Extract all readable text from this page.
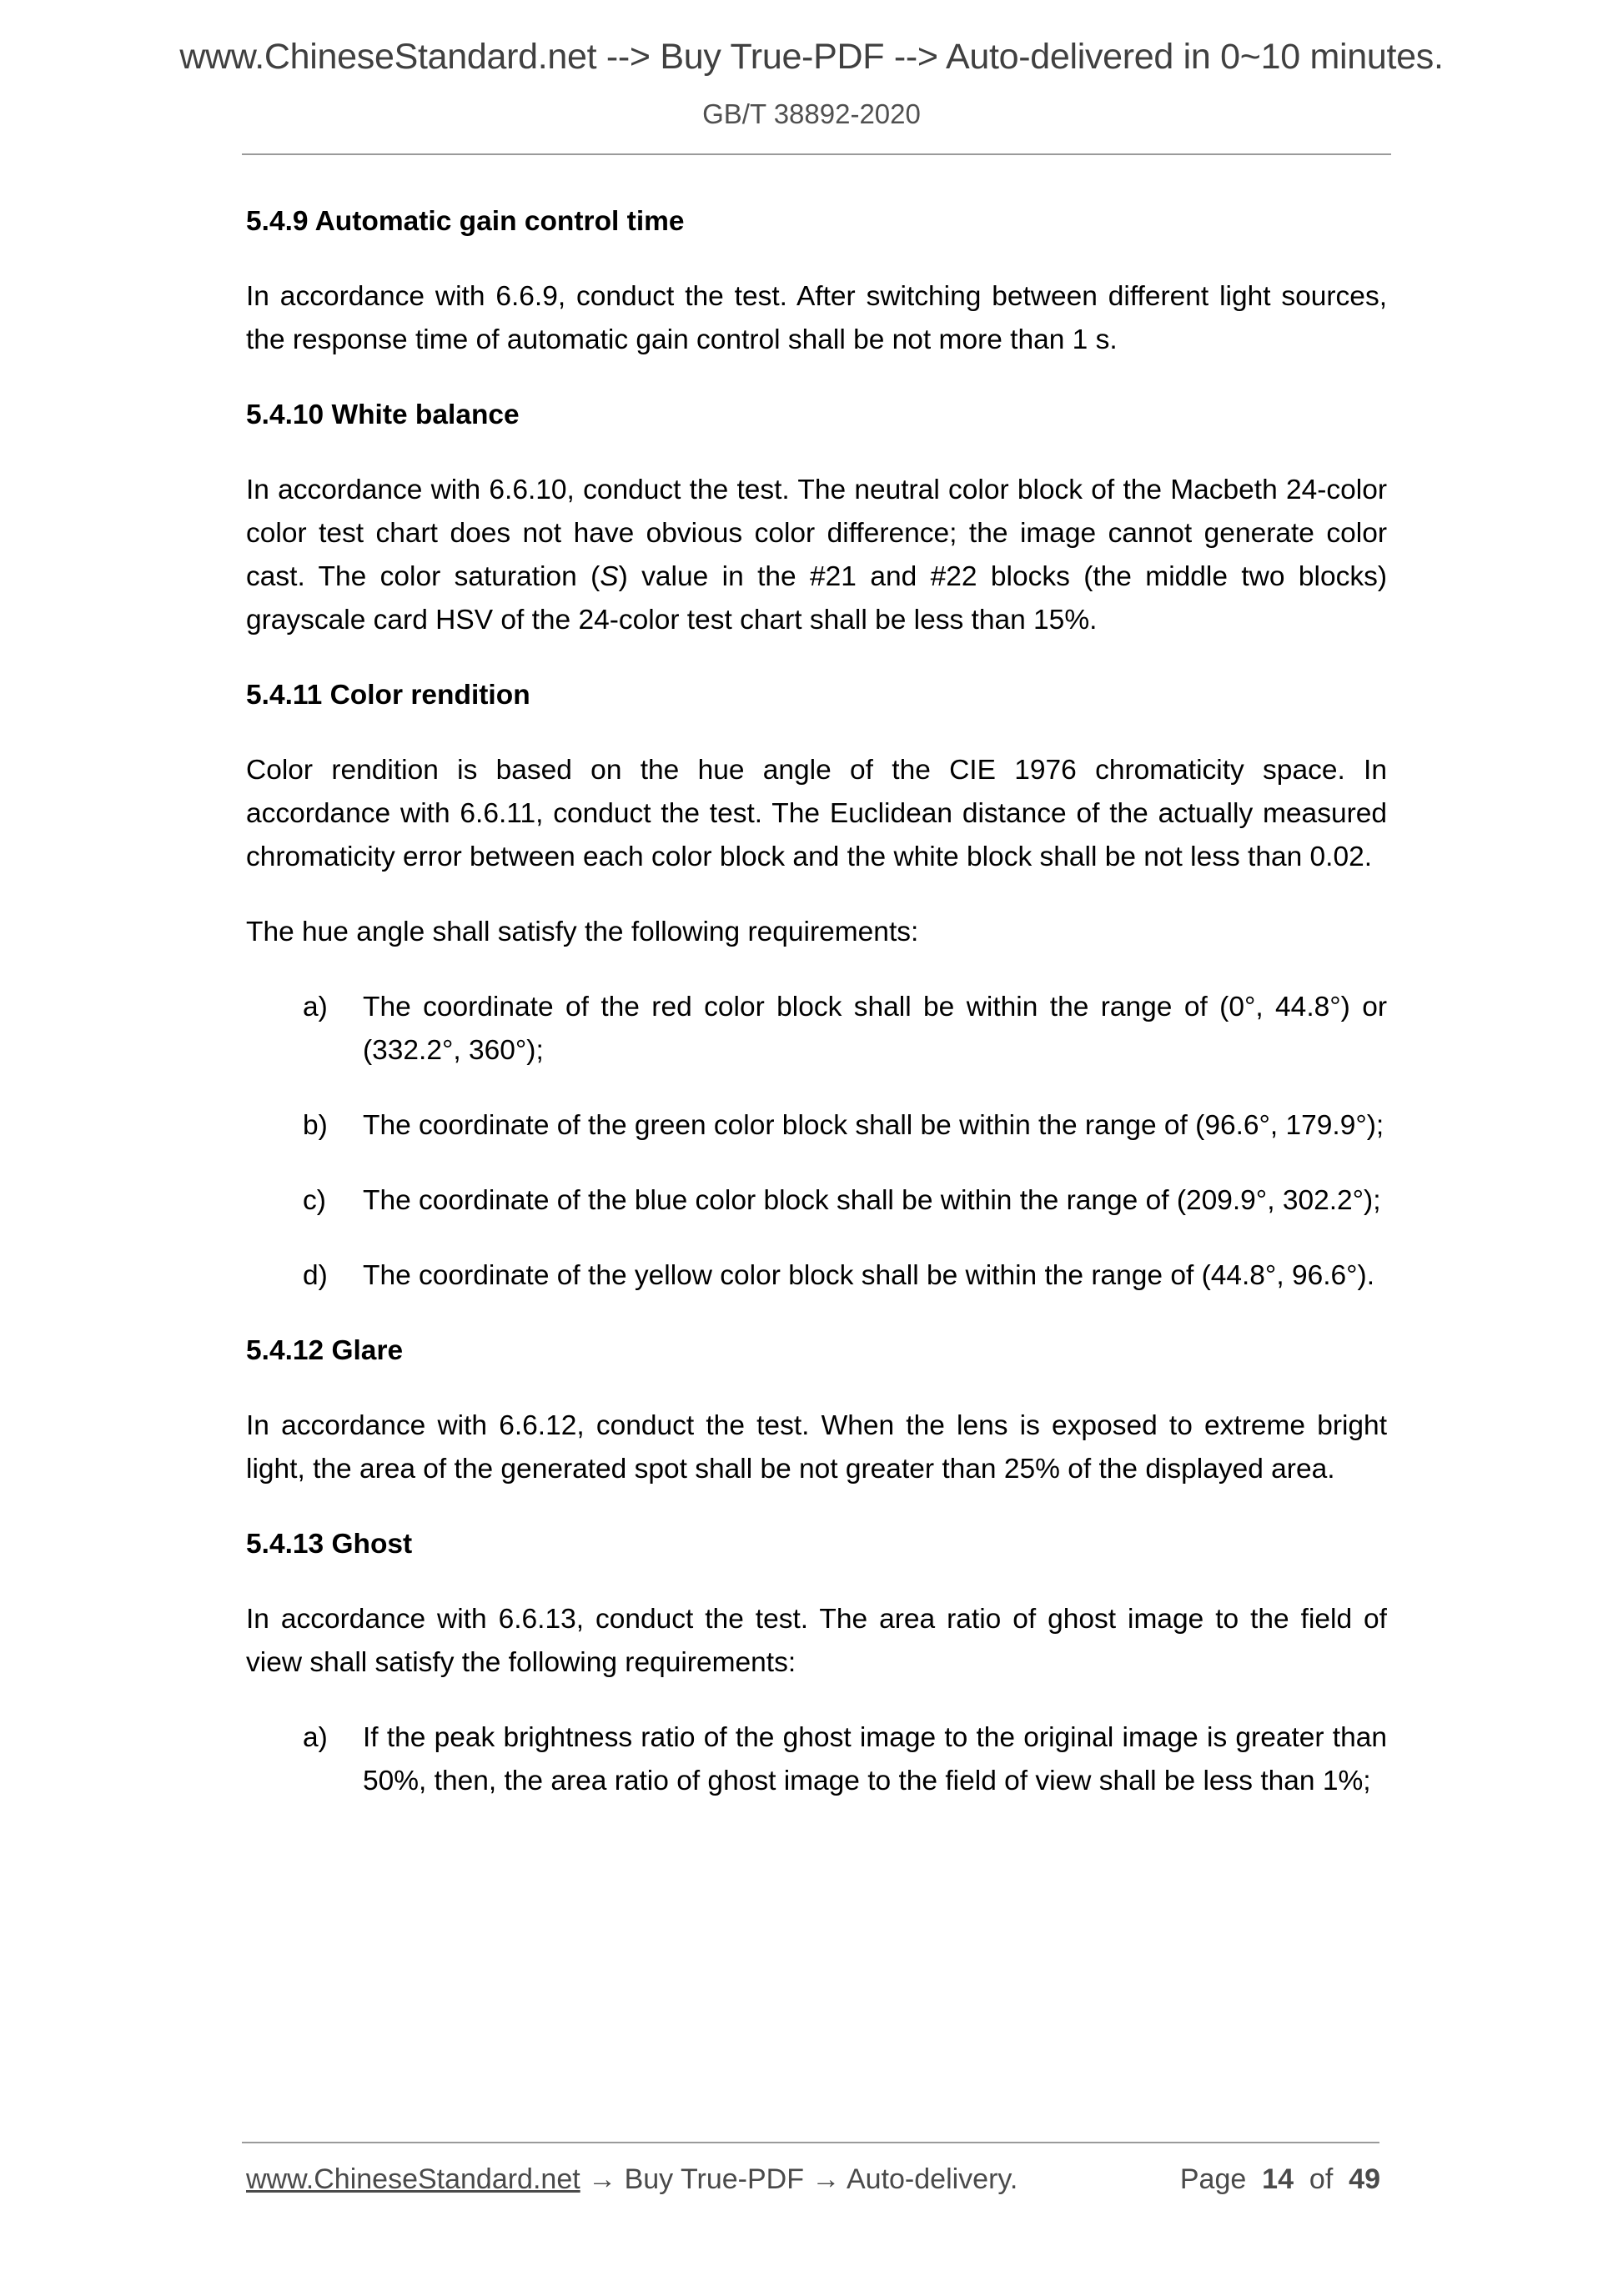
www.ChineseStandard.net --> Buy True-PDF --> Auto-delivered in 0~10 minutes.
GB/T 38892-2020
5.4.9 Automatic gain control time
In accordance with 6.6.9, conduct the test. After switching between different light sources, the response time of automatic gain control shall be not more than 1 s.
5.4.10 White balance
In accordance with 6.6.10, conduct the test. The neutral color block of the Macbeth 24-color color test chart does not have obvious color difference; the image cannot generate color cast. The color saturation (S) value in the #21 and #22 blocks (the middle two blocks) grayscale card HSV of the 24-color test chart shall be less than 15%.
5.4.11 Color rendition
Color rendition is based on the hue angle of the CIE 1976 chromaticity space. In accordance with 6.6.11, conduct the test. The Euclidean distance of the actually measured chromaticity error between each color block and the white block shall be not less than 0.02.
The hue angle shall satisfy the following requirements:
a) The coordinate of the red color block shall be within the range of (0°, 44.8°) or (332.2°, 360°);
b) The coordinate of the green color block shall be within the range of (96.6°, 179.9°);
c) The coordinate of the blue color block shall be within the range of (209.9°, 302.2°);
d) The coordinate of the yellow color block shall be within the range of (44.8°, 96.6°).
5.4.12 Glare
In accordance with 6.6.12, conduct the test. When the lens is exposed to extreme bright light, the area of the generated spot shall be not greater than 25% of the displayed area.
5.4.13 Ghost
In accordance with 6.6.13, conduct the test. The area ratio of ghost image to the field of view shall satisfy the following requirements:
a) If the peak brightness ratio of the ghost image to the original image is greater than 50%, then, the area ratio of ghost image to the field of view shall be less than 1%;
www.ChineseStandard.net → Buy True-PDF → Auto-delivery.	Page 14 of 49
